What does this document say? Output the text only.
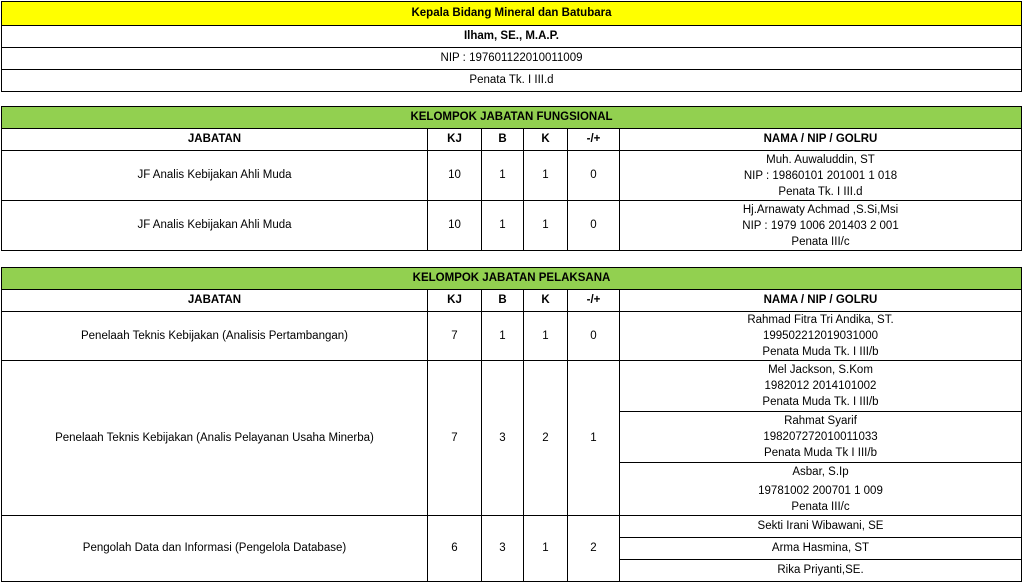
Kepala Bidang Mineral dan Batubara
Ilham, SE., M.A.P.
NIP : 197601122010011009
Penata Tk. I III.d
KELOMPOK JABATAN FUNGSIONAL					
JABATAN	KJ	B	K	-/+	NAMA / NIP / GOLRU
JF Analis Kebijakan Ahli Muda	10	1	1	0	Muh. Auwaluddin, ST
NIP : 19860101 201001 1 018
Penata Tk. I III.d

JF Analis Kebijakan Ahli Muda	10	1	1	0	Hj.Arnawaty Achmad ,S.Si,Msi
NIP : 1979 1006 201403 2 001
Penata III/c
KELOMPOK JABATAN PELAKSANA					
JABATAN	KJ	B	K	-/+	NAMA / NIP / GOLRU
Penelaah Teknis Kebijakan (Analisis Pertambangan)	7	1	1	0	Rahmad Fitra Tri Andika, ST.
199502212019031000
Penata Muda Tk. I III/b

Penelaah Teknis Kebijakan (Analis Pelayanan Usaha Minerba)	7	3	2	1	Mel Jackson, S.Kom
1982012 2014101002
Penata Muda Tk. I III/b

					Rahmat Syarif
198207272010011033
Penata Muda Tk I III/b

					Asbar, S.Ip
19781002 200701 1 009
Penata III/c

Pengolah Data dan Informasi (Pengelola Database)	6	3	1	2	Sekti Irani Wibawani, SE
					Arma Hasmina, ST
					Rika Priyanti,SE.
